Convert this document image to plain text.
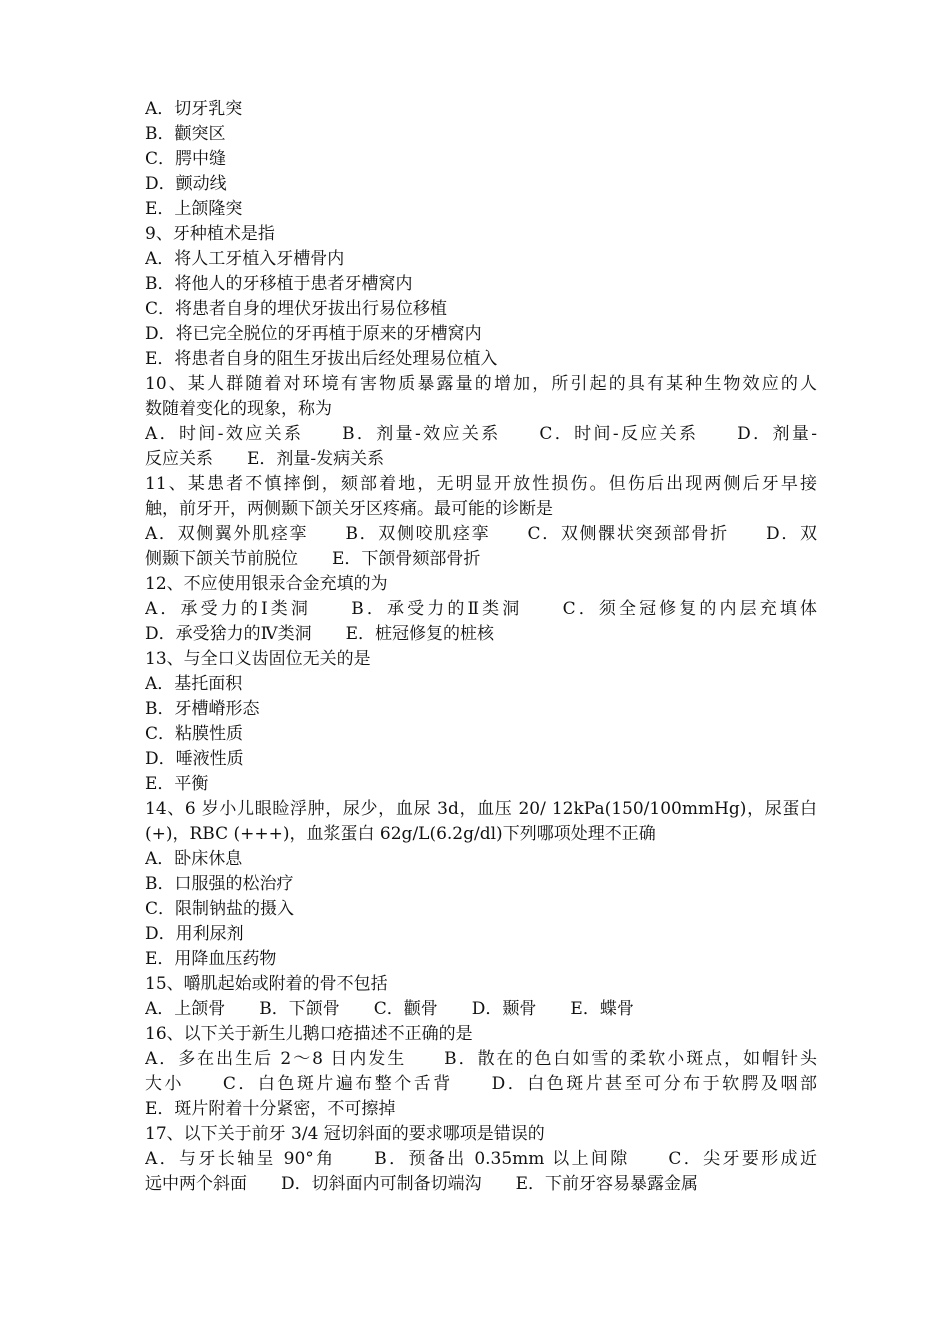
A．切牙乳突
B．颧突区
C．腭中缝
D．颤动线
E．上颌隆突
9、牙种植术是指
A．将人工牙植入牙槽骨内
B．将他人的牙移植于患者牙槽窝内
C．将患者自身的埋伏牙拔出行易位移植
D．将已完全脱位的牙再植于原来的牙槽窝内
E．将患者自身的阻生牙拔出后经处理易位植入
10、某人群随着对环境有害物质暴露量的增加，所引起的具有某种生物效应的人
数随着变化的现象，称为
A．时间-效应关系　　B．剂量-效应关系　　C．时间-反应关系　　D．剂量-
反应关系　　E．剂量-发病关系
11、某患者不慎摔倒，颏部着地，无明显开放性损伤。但伤后出现两侧后牙早接
触，前牙开，两侧颞下颌关牙区疼痛。最可能的诊断是
A．双侧翼外肌痉挛　　B．双侧咬肌痉挛　　C．双侧髁状突颈部骨折　　D．双
侧颞下颌关节前脱位　　E．下颌骨颏部骨折
12、不应使用银汞合金充填的为
A．承受力的Ⅰ类洞　　B．承受力的Ⅱ类洞　　C．须全冠修复的内层充填体
D．承受猞力的Ⅳ类洞　　E．桩冠修复的桩核
13、与全口义齿固位无关的是
A．基托面积
B．牙槽嵴形态
C．粘膜性质
D．唾液性质
E．平衡
14、6 岁小儿眼睑浮肿，尿少，血尿 3d，血压 20/ 12kPa(150/100mmHg)，尿蛋白
(+)，RBC (+++)，血浆蛋白 62g/L(6.2g/dl)下列哪项处理不正确
A．卧床休息
B．口服强的松治疗
C．限制钠盐的摄入
D．用利尿剂
E．用降血压药物
15、嚼肌起始或附着的骨不包括
A．上颌骨　　B．下颌骨　　C．颧骨　　D．颞骨　　E．蝶骨
16、以下关于新生儿鹅口疮描述不正确的是
A．多在出生后 2～8 日内发生　　B．散在的色白如雪的柔软小斑点，如帽针头
大小　　C．白色斑片遍布整个舌背　　D．白色斑片甚至可分布于软腭及咽部
E．斑片附着十分紧密，不可擦掉
17、以下关于前牙 3/4 冠切斜面的要求哪项是错误的
A．与牙长轴呈 90°角　　B．预备出 0.35mm 以上间隙　　C．尖牙要形成近
远中两个斜面　　D．切斜面内可制备切端沟　　E．下前牙容易暴露金属
